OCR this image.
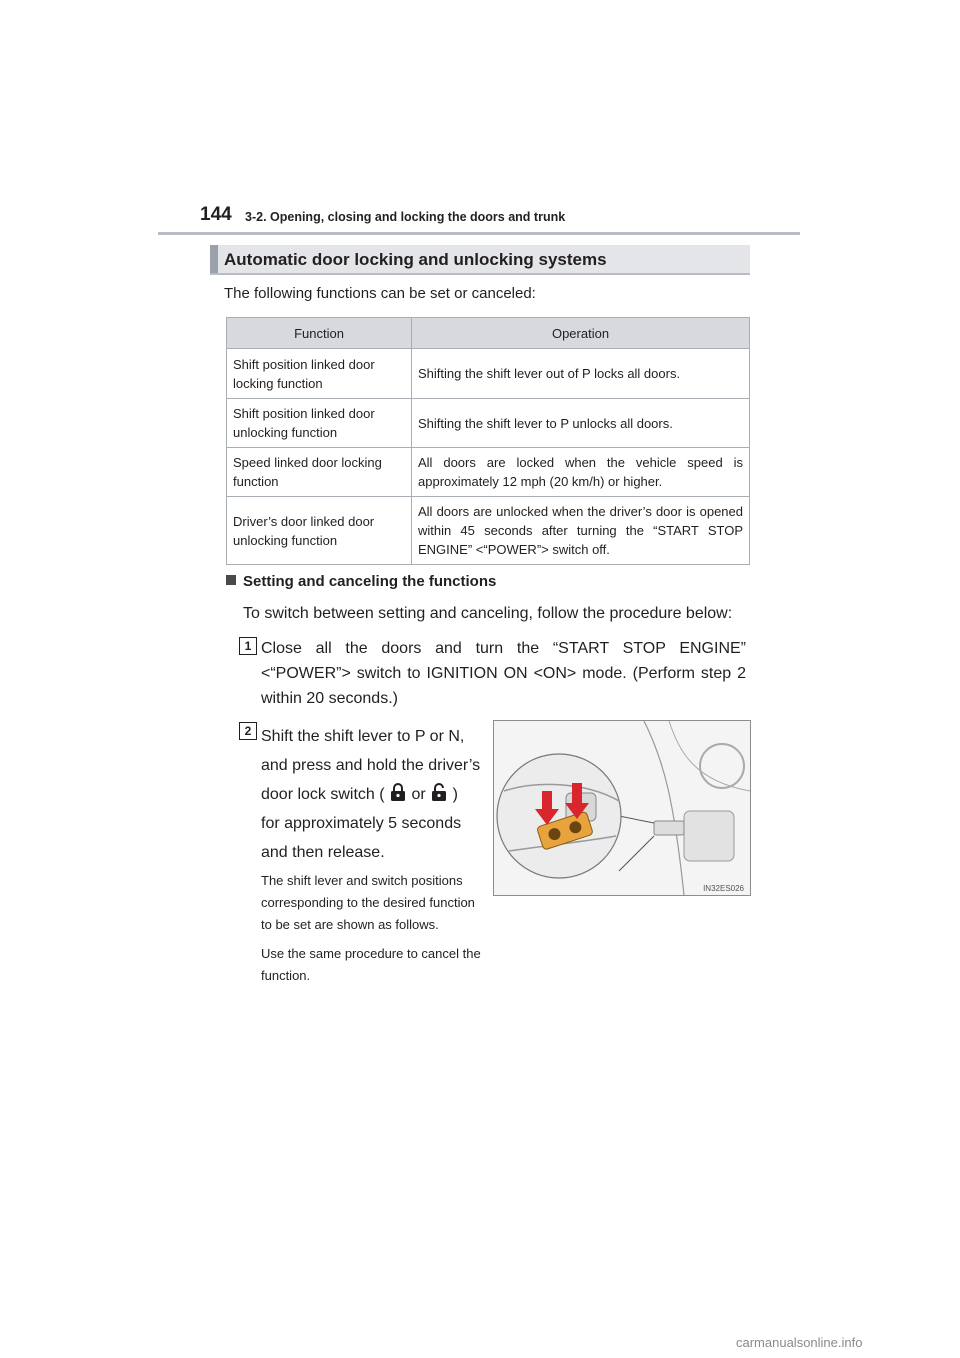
144 3-2. Opening, closing and locking the doors and trunk
Automatic door locking and unlocking systems
The following functions can be set or canceled:
Function	Operation
Shift position linked door locking function	Shifting the shift lever out of P locks all doors.
Shift position linked door unlocking function	Shifting the shift lever to P unlocks all doors.
Speed linked door locking function	All doors are locked when the vehicle speed is approximately 12 mph (20 km/h) or higher.
Driver’s door linked door unlocking function	All doors are unlocked when the driver’s door is opened within 45 seconds after turning the “START STOP ENGINE” <“POWER”> switch off.
Setting and canceling the functions
To switch between setting and canceling, follow the procedure below:
1 Close all the doors and turn the “START STOP ENGINE” <“POWER”> switch to IGNITION ON <ON> mode. (Perform step 2 within 20 seconds.)
2 Shift the shift lever to P or N, and press and hold the driver’s door lock switch ( or ) for approximately 5 seconds and then release.
The shift lever and switch positions corresponding to the desired function to be set are shown as follows.
Use the same procedure to cancel the function.
IN32ES026
carmanualsonline.info
